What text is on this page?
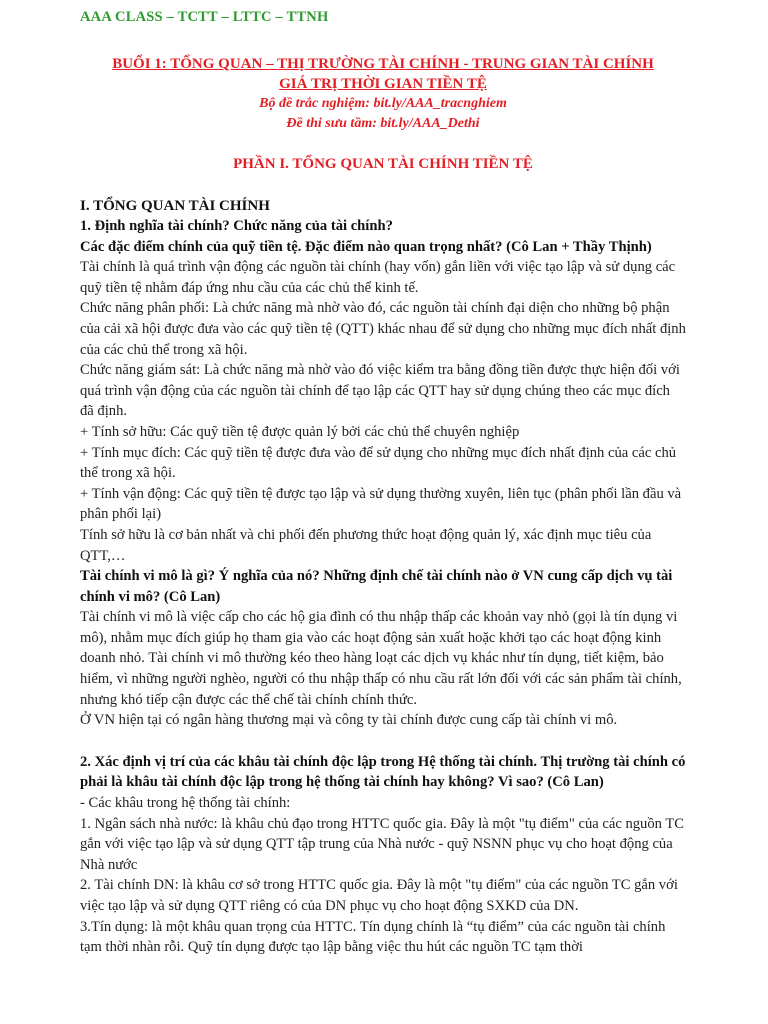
AAA CLASS – TCTT – LTTC – TTNH

BUỔI 1: TỔNG QUAN – THỊ TRƯỜNG TÀI CHÍNH - TRUNG GIAN TÀI CHÍNH

GIÁ TRỊ THỜI GIAN TIỀN TỆ

Bộ đề trắc nghiệm: bit.ly/AAA_tracnghiem

Đề thi sưu tầm: bit.ly/AAA_Dethi

PHẦN I. TỔNG QUAN TÀI CHÍNH TIỀN TỆ
I. TỔNG QUAN TÀI CHÍNH

1. Định nghĩa tài chính? Chức năng của tài chính?

Các đặc điểm chính của quỹ tiền tệ. Đặc điểm nào quan trọng nhất? (Cô Lan + Thầy Thịnh)

Tài chính là quá trình vận động các nguồn tài chính (hay vốn) gắn liền với việc tạo lập và sử dụng các quỹ tiền tệ nhằm đáp ứng nhu cầu của các chủ thể kinh tế.

Chức năng phân phối: Là chức năng mà nhờ vào đó, các nguồn tài chính đại diện cho những bộ phận của cải xã hội được đưa vào các quỹ tiền tệ (QTT) khác nhau để sử dụng cho những mục đích nhất định của các chủ thể trong xã hội.

Chức năng giám sát: Là chức năng mà nhờ vào đó việc kiểm tra bằng đồng tiền được thực hiện đối với quá trình vận động của các nguồn tài chính để tạo lập các QTT hay sử dụng chúng theo các mục đích đã định.

+ Tính sở hữu: Các quỹ tiền tệ được quản lý bởi các chủ thể chuyên nghiệp

+ Tính mục đích: Các quỹ tiền tệ được đưa vào để sử dụng cho những mục đích nhất định của các chủ thể trong xã hội.

+ Tính vận động: Các quỹ tiền tệ được tạo lập và sử dụng thường xuyên, liên tục (phân phối lần đầu và phân phối lại)

Tính sở hữu là cơ bản nhất và chi phối đến phương thức hoạt động quản lý, xác định mục tiêu của QTT,…

Tài chính vi mô là gì? Ý nghĩa của nó? Những định chế tài chính nào ở VN cung cấp dịch vụ tài chính vi mô? (Cô Lan)

Tài chính vi mô là việc cấp cho các hộ gia đình có thu nhập thấp các khoản vay nhỏ (gọi là tín dụng vi mô), nhằm mục đích giúp họ tham gia vào các hoạt động sản xuất hoặc khởi tạo các hoạt động kinh doanh nhỏ. Tài chính vi mô thường kéo theo hàng loạt các dịch vụ khác như tín dụng, tiết kiệm, bảo hiểm, vì những người nghèo, người có thu nhập thấp có nhu cầu rất lớn đối với các sản phẩm tài chính, nhưng khó tiếp cận được các thể chế tài chính chính thức.

Ở VN hiện tại có ngân hàng thương mại và công ty tài chính được cung cấp tài chính vi mô.

2. Xác định vị trí của các khâu tài chính độc lập trong Hệ thống tài chính. Thị trường tài chính có phải là khâu tài chính độc lập trong hệ thống tài chính hay không? Vì sao? (Cô Lan)

- Các khâu trong hệ thống tài chính:

1. Ngân sách nhà nước: là khâu chủ đạo trong HTTC quốc gia. Đây là một "tụ điểm" của các nguồn TC gắn với việc tạo lập và sử dụng QTT tập trung của Nhà nước - quỹ NSNN phục vụ cho hoạt động của Nhà nước

2. Tài chính DN: là khâu cơ sở trong HTTC quốc gia. Đây là một "tụ điểm" của các nguồn TC gắn với việc tạo lập và sử dụng QTT riêng có của DN phục vụ cho hoạt động SXKD của DN.

3.Tín dụng: là một khâu quan trọng của HTTC. Tín dụng chính là “tụ điểm” của các nguồn tài chính tạm thời nhàn rỗi. Quỹ tín dụng được tạo lập bằng việc thu hút các nguồn TC tạm thời
